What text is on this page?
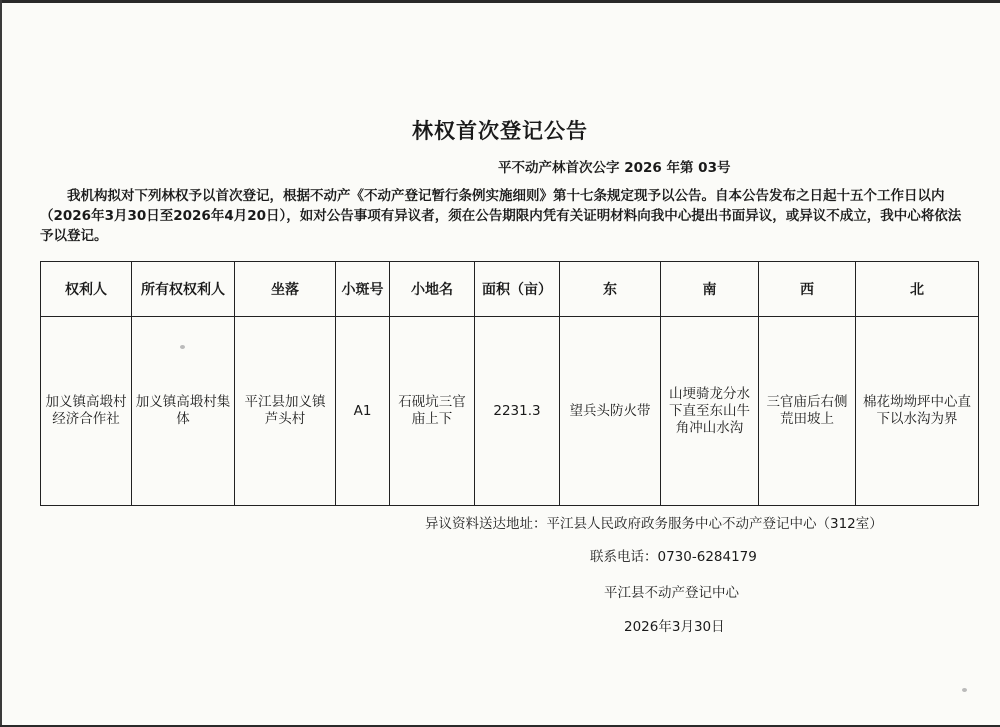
林权首次登记公告
平不动产林首次公字 2026 年第 03号
我机构拟对下列林权予以首次登记，根据不动产《不动产登记暂行条例实施细则》第十七条规定现予以公告。自本公告发布之日起十五个工作日以内（2026年3月30日至2026年4月20日），如对公告事项有异议者，须在公告期限内凭有关证明材料向我中心提出书面异议，或异议不成立，我中心将依法予以登记。
权利人	所有权权利人	坐落	小斑号	小地名	面积（亩）	东	南	西	北
加义镇高塅村经济合作社	加义镇高塅村集体	平江县加义镇芦头村	A1	石砚坑三官庙上下	2231.3	望兵头防火带	山埂骑龙分水下直至东山牛角冲山水沟	三官庙后右侧荒田坡上	棉花坳坳坪中心直下以水沟为界
异议资料送达地址：平江县人民政府政务服务中心不动产登记中心（312室）
联系电话：0730-6284179
平江县不动产登记中心
2026年3月30日
